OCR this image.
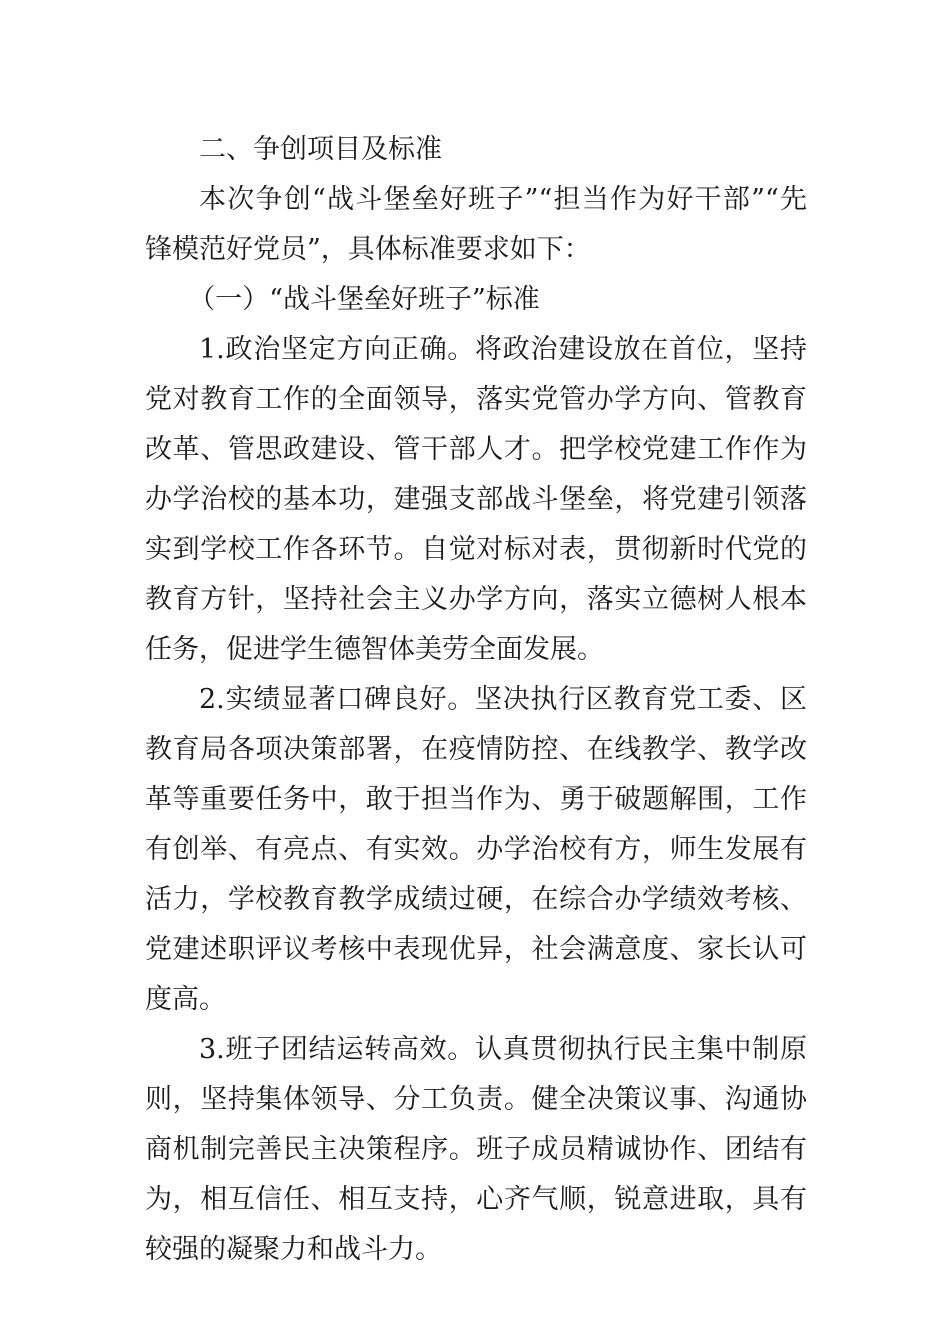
二、争创项目及标准

本次争创“战斗堡垒好班子”“担当作为好干部”“先锋模范好党员”，具体标准要求如下：

（一）“战斗堡垒好班子”标准

1.政治坚定方向正确。将政治建设放在首位，坚持党对教育工作的全面领导，落实党管办学方向、管教育改革、管思政建设、管干部人才。把学校党建工作作为办学治校的基本功，建强支部战斗堡垒，将党建引领落实到学校工作各环节。自觉对标对表，贯彻新时代党的教育方针，坚持社会主义办学方向，落实立德树人根本任务，促进学生德智体美劳全面发展。

2.实绩显著口碑良好。坚决执行区教育党工委、区教育局各项决策部署，在疫情防控、在线教学、教学改革等重要任务中，敢于担当作为、勇于破题解围，工作有创举、有亮点、有实效。办学治校有方，师生发展有活力，学校教育教学成绩过硬，在综合办学绩效考核、党建述职评议考核中表现优异，社会满意度、家长认可度高。

3.班子团结运转高效。认真贯彻执行民主集中制原则，坚持集体领导、分工负责。健全决策议事、沟通协商机制完善民主决策程序。班子成员精诚协作、团结有为，相互信任、相互支持，心齐气顺，锐意进取，具有较强的凝聚力和战斗力。
